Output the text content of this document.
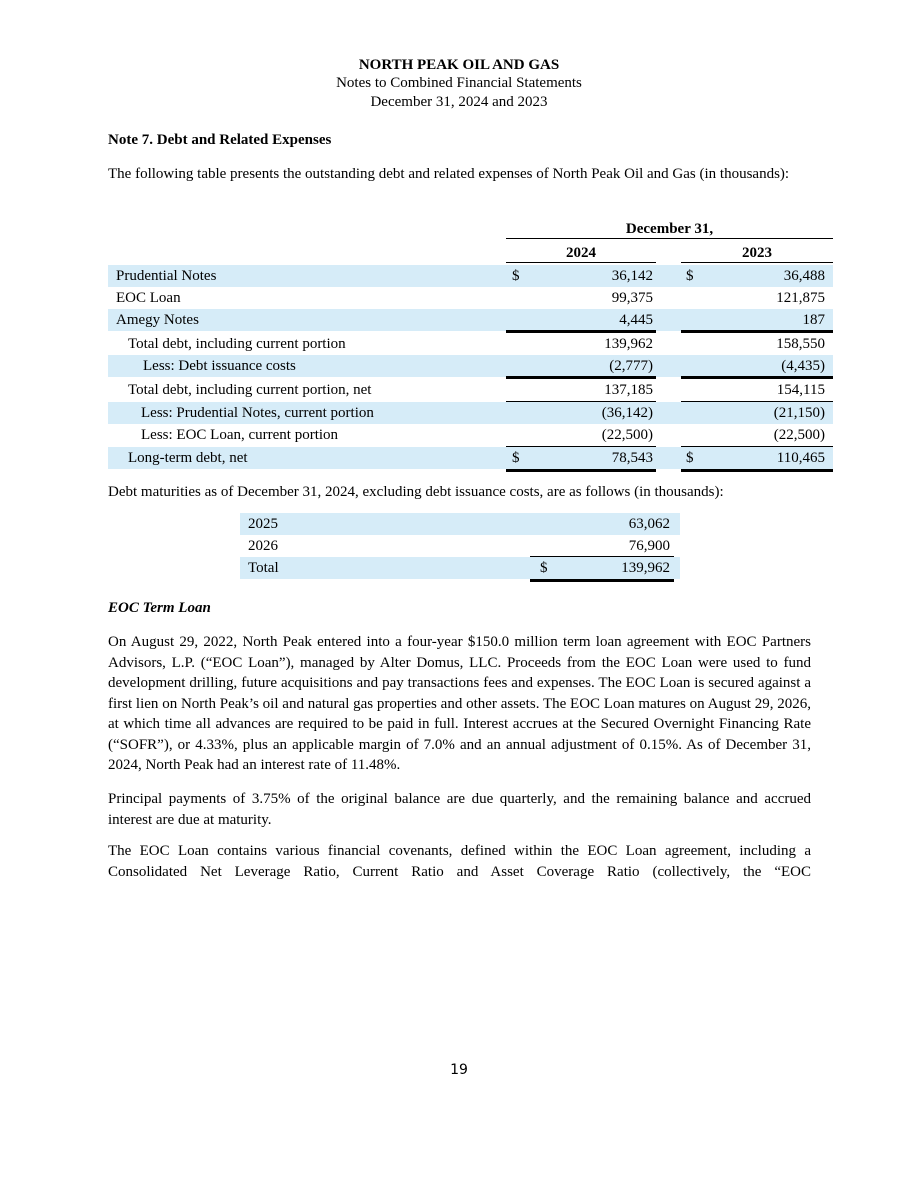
NORTH PEAK OIL AND GAS
Notes to Combined Financial Statements
December 31, 2024 and 2023
Note 7. Debt and Related Expenses
The following table presents the outstanding debt and related expenses of North Peak Oil and Gas (in thousands):
December 31,
2024	2023
Prudential Notes	$	36,142 $	36,488
EOC Loan	99,375	121,875
Amegy Notes	4,445	187
Total debt, including current portion	139,962	158,550
Less: Debt issuance costs	(2,777)	(4,435)
Total debt, including current portion, net	137,185	154,115
Less: Prudential Notes, current portion	(36,142)	(21,150)
Less: EOC Loan, current portion	(22,500)	(22,500)
Long-term debt, net	$	78,543 $	110,465
Debt maturities as of December 31, 2024, excluding debt issuance costs, are as follows (in thousands):
2025	63,062
2026	76,900
Total	$	139,962
EOC Term Loan
On August 29, 2022, North Peak entered into a four-year $150.0 million term loan agreement with EOC Partners Advisors, L.P. (“EOC Loan”), managed by Alter Domus, LLC. Proceeds from the EOC Loan were used to fund development drilling, future acquisitions and pay transactions fees and expenses. The EOC Loan is secured against a first lien on North Peak’s oil and natural gas properties and other assets. The EOC Loan matures on August 29, 2026, at which time all advances are required to be paid in full. Interest accrues at the Secured Overnight Financing Rate (“SOFR”), or 4.33%, plus an applicable margin of 7.0% and an annual adjustment of 0.15%. As of December 31, 2024, North Peak had an interest rate of 11.48%.
Principal payments of 3.75% of the original balance are due quarterly, and the remaining balance and accrued interest are due at maturity.
The EOC Loan contains various financial covenants, defined within the EOC Loan agreement, including a Consolidated Net Leverage Ratio, Current Ratio and Asset Coverage Ratio (collectively, the “EOC
19
